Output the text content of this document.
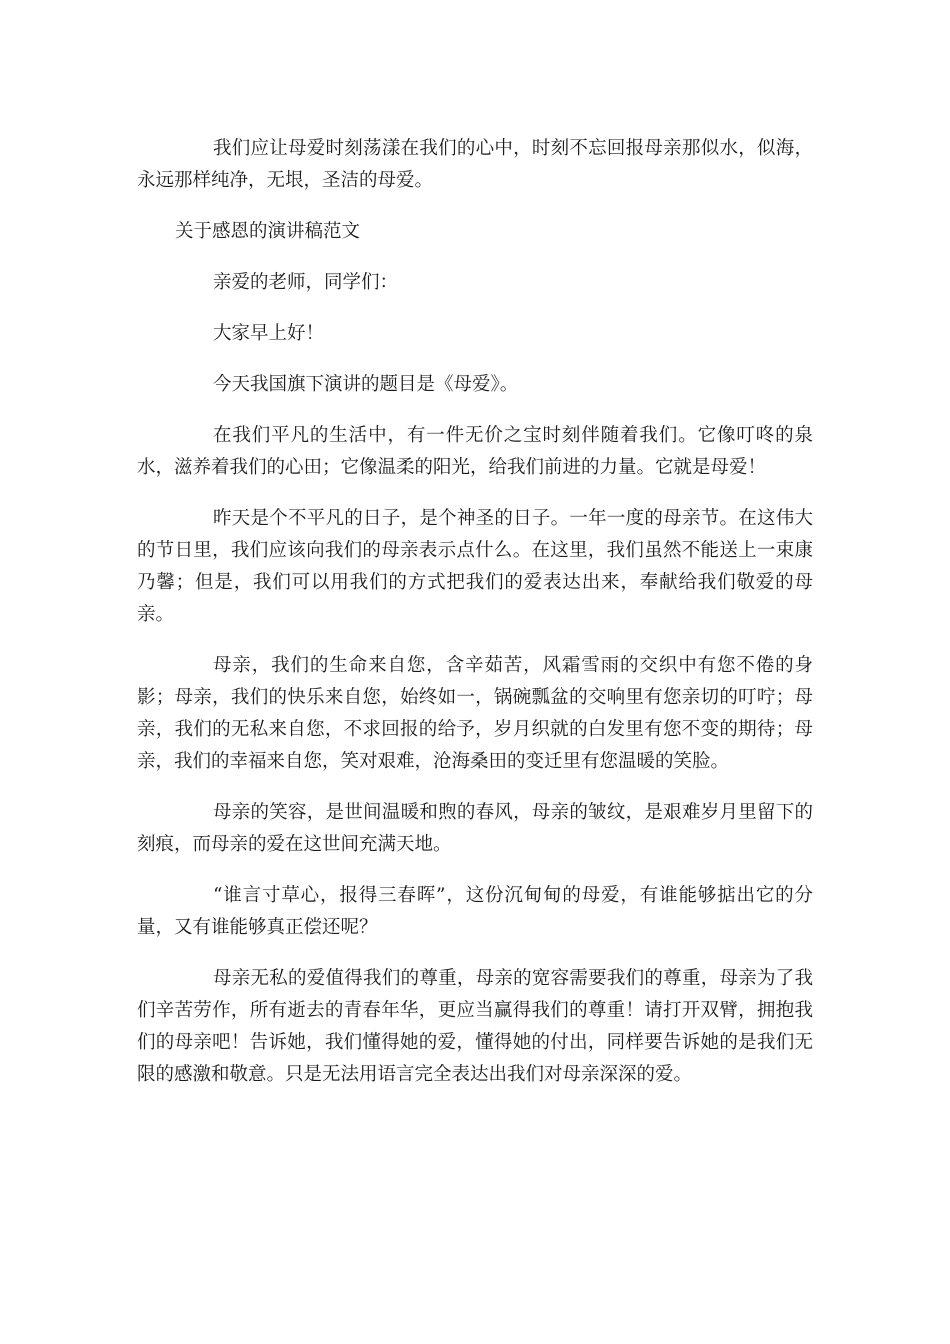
我们应让母爱时刻荡漾在我们的心中，时刻不忘回报母亲那似水，似海，永远那样纯净，无垠，圣洁的母爱。

关于感恩的演讲稿范文

亲爱的老师，同学们：

大家早上好！

今天我国旗下演讲的题目是《母爱》。

在我们平凡的生活中，有一件无价之宝时刻伴随着我们。它像叮咚的泉水，滋养着我们的心田；它像温柔的阳光，给我们前进的力量。它就是母爱！

昨天是个不平凡的日子，是个神圣的日子。一年一度的母亲节。在这伟大的节日里，我们应该向我们的母亲表示点什么。在这里，我们虽然不能送上一束康乃馨；但是，我们可以用我们的方式把我们的爱表达出来，奉献给我们敬爱的母亲。

母亲，我们的生命来自您，含辛茹苦，风霜雪雨的交织中有您不倦的身影；母亲，我们的快乐来自您，始终如一，锅碗瓢盆的交响里有您亲切的叮咛；母亲，我们的无私来自您，不求回报的给予，岁月织就的白发里有您不变的期待；母亲，我们的幸福来自您，笑对艰难，沧海桑田的变迁里有您温暖的笑脸。

母亲的笑容，是世间温暖和煦的春风，母亲的皱纹，是艰难岁月里留下的刻痕，而母亲的爱在这世间充满天地。

“谁言寸草心，报得三春晖”，这份沉甸甸的母爱，有谁能够掂出它的分量，又有谁能够真正偿还呢？

母亲无私的爱值得我们的尊重，母亲的宽容需要我们的尊重，母亲为了我们辛苦劳作，所有逝去的青春年华，更应当赢得我们的尊重！请打开双臂，拥抱我们的母亲吧！告诉她，我们懂得她的爱，懂得她的付出，同样要告诉她的是我们无限的感激和敬意。只是无法用语言完全表达出我们对母亲深深的爱。
